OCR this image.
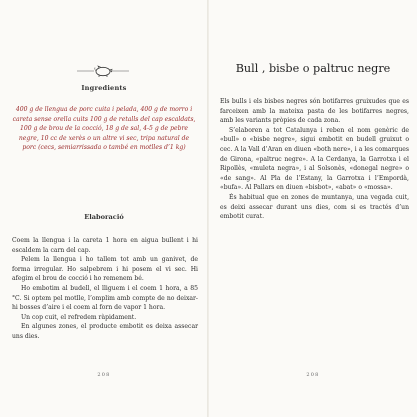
Ingredients
400 g de llengua de porc cuita i pelada, 400 g de morro i careta sense orella cuits 100 g de retalls del cap escaldats, 100 g de brou de la cocció, 18 g de sal, 4-5 g de pebre negre, 10 cc de xerès o un altre vi sec, tripa natural de porc (cecs, semiarrissada o també en motlles d’1 kg)
Elaboració

Coem la llengua i la careta 1 hora en aigua bullent i hi escaldem la carn del cap.

Pelem la llengua i ho tallem tot amb un ganivet, de forma irregular. Ho salpebrem i hi posem el vi sec. Hi afegim el brou de cocció i ho remenem bé.

Ho embotim al budell, el lliguem i el coem 1 hora, a 85 °C. Si optem pel motlle, l’omplim amb compte de no deixar-hi bosses d’aire i el coem al forn de vapor 1 hora.

Un cop cuit, el refredem ràpidament.

En algunes zones, el producte embotit es deixa assecar uns dies.

208
Bull , bisbe o paltruc negre

Els bulls i els bisbes negres són botifarres gruixudes que es farceixen amb la mateixa pasta de les botifarres negres, amb les variants pròpies de cada zona.

S’elaboren a tot Catalunya i reben el nom genèric de «bull» o «bisbe negre», sigui embotit en budell gruixut o cec. A la Vall d’Aran en diuen «both nere», i a les comarques de Girona, «paltruc negre». A la Cerdanya, la Garrotxa i el Ripollès, «muleta negra», i al Solsonès, «donegal negre» o «de sang». Al Pla de l’Estany, la Garrotxa i l’Empordà, «bufa». Al Pallars en diuen «bisbot», «abat» o «mossa».

És habitual que en zones de muntanya, una vegada cuit, es deixi assecar durant uns dies, com si es tractés d’un embotit curat.

208
